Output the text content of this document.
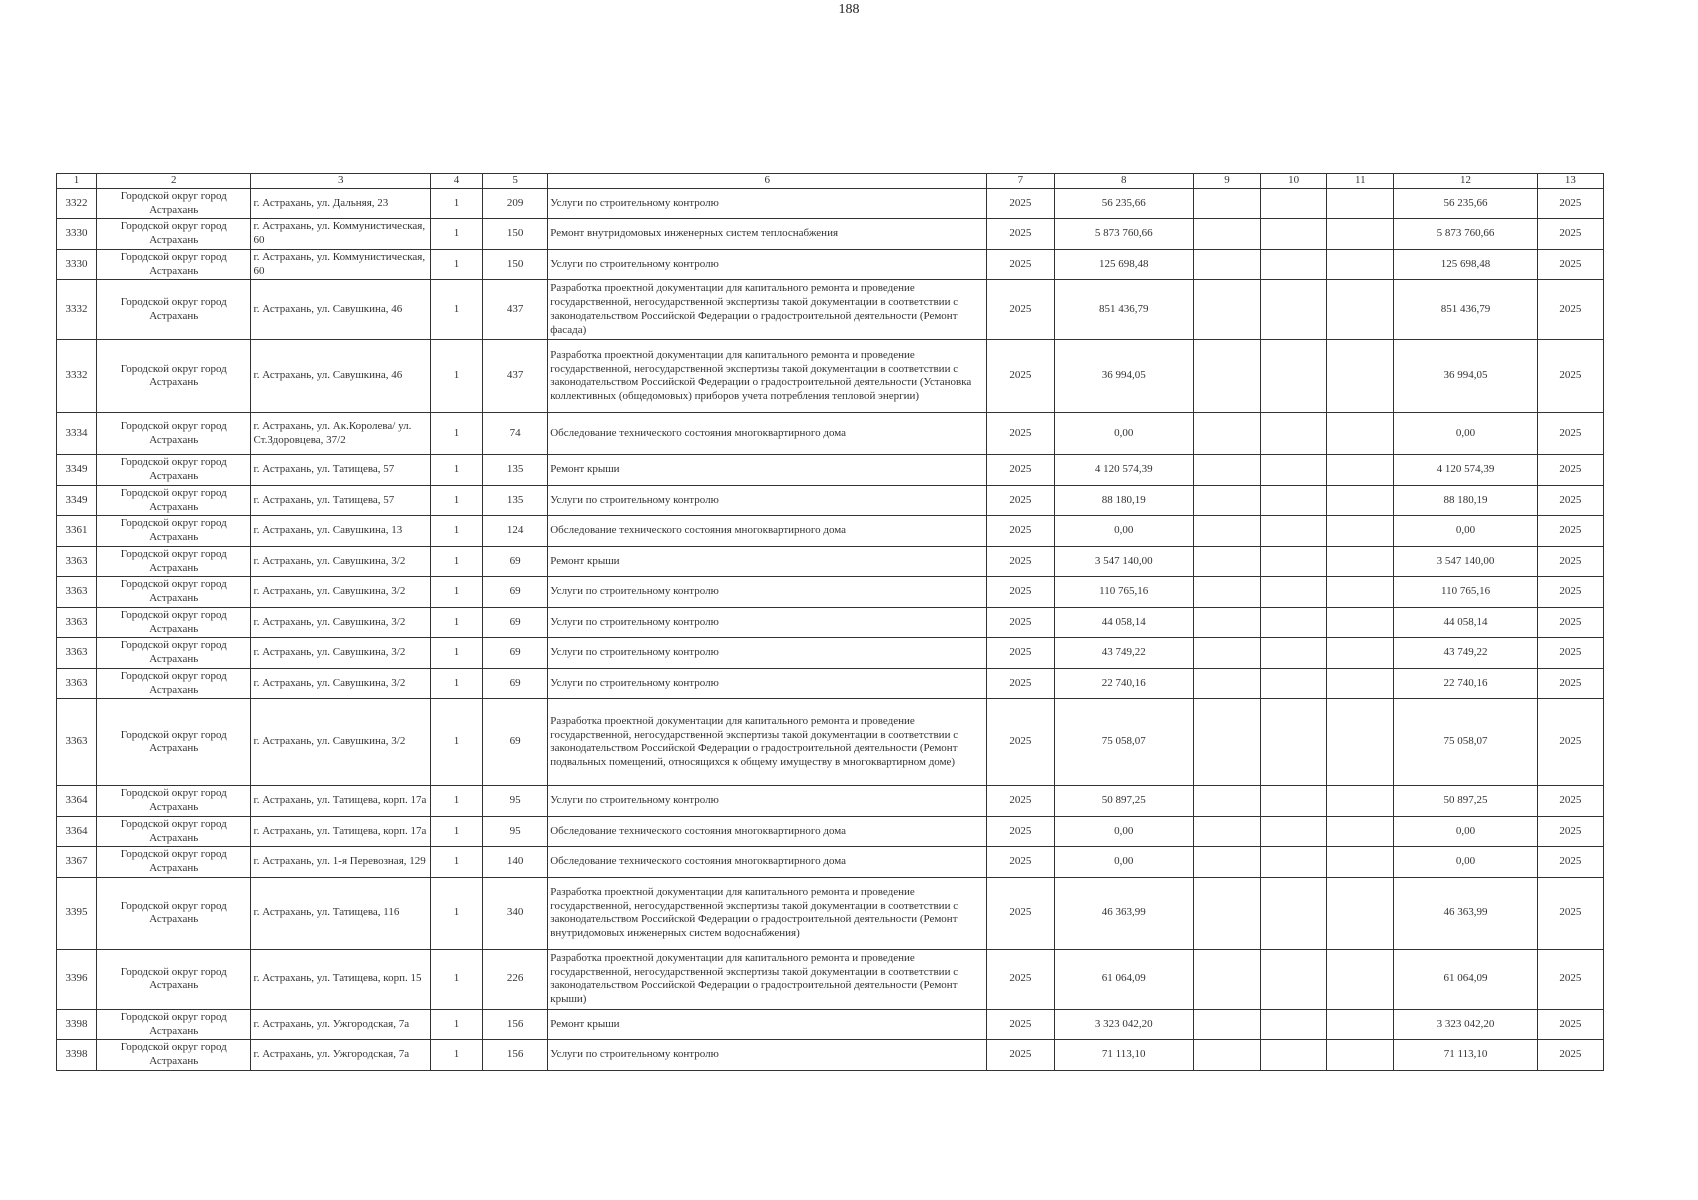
188
1	2	3	4	5	6	7	8	9	10	11	12	13
3322	Городской округ город Астрахань	г. Астрахань, ул. Дальняя, 23	1	209	Услуги по строительному контролю	2025	56 235,66				56 235,66	2025
3330	Городской округ город Астрахань	г. Астрахань, ул. Коммунистическая, 60	1	150	Ремонт внутридомовых инженерных систем теплоснабжения	2025	5 873 760,66				5 873 760,66	2025
3330	Городской округ город Астрахань	г. Астрахань, ул. Коммунистическая, 60	1	150	Услуги по строительному контролю	2025	125 698,48				125 698,48	2025
3332	Городской округ город Астрахань	г. Астрахань, ул. Савушкина, 46	1	437	Разработка проектной документации для капитального ремонта и проведение государственной, негосударственной экспертизы такой документации в соответствии с законодательством Российской Федерации о градостроительной деятельности (Ремонт фасада)	2025	851 436,79				851 436,79	2025
3332	Городской округ город Астрахань	г. Астрахань, ул. Савушкина, 46	1	437	Разработка проектной документации для капитального ремонта и проведение государственной, негосударственной экспертизы такой документации в соответствии с законодательством Российской Федерации о градостроительной деятельности (Установка коллективных (общедомовых) приборов учета потребления тепловой энергии)	2025	36 994,05				36 994,05	2025
3334	Городской округ город Астрахань	г. Астрахань, ул. Ак.Королева/ ул. Ст.Здоровцева, 37/2	1	74	Обследование технического состояния многоквартирного дома	2025	0,00				0,00	2025
3349	Городской округ город Астрахань	г. Астрахань, ул. Татищева, 57	1	135	Ремонт крыши	2025	4 120 574,39				4 120 574,39	2025
3349	Городской округ город Астрахань	г. Астрахань, ул. Татищева, 57	1	135	Услуги по строительному контролю	2025	88 180,19				88 180,19	2025
3361	Городской округ город Астрахань	г. Астрахань, ул. Савушкина, 13	1	124	Обследование технического состояния многоквартирного дома	2025	0,00				0,00	2025
3363	Городской округ город Астрахань	г. Астрахань, ул. Савушкина, 3/2	1	69	Ремонт крыши	2025	3 547 140,00				3 547 140,00	2025
3363	Городской округ город Астрахань	г. Астрахань, ул. Савушкина, 3/2	1	69	Услуги по строительному контролю	2025	110 765,16				110 765,16	2025
3363	Городской округ город Астрахань	г. Астрахань, ул. Савушкина, 3/2	1	69	Услуги по строительному контролю	2025	44 058,14				44 058,14	2025
3363	Городской округ город Астрахань	г. Астрахань, ул. Савушкина, 3/2	1	69	Услуги по строительному контролю	2025	43 749,22				43 749,22	2025
3363	Городской округ город Астрахань	г. Астрахань, ул. Савушкина, 3/2	1	69	Услуги по строительному контролю	2025	22 740,16				22 740,16	2025
3363	Городской округ город Астрахань	г. Астрахань, ул. Савушкина, 3/2	1	69	Разработка проектной документации для капитального ремонта и проведение государственной, негосударственной экспертизы такой документации в соответствии с законодательством Российской Федерации о градостроительной деятельности (Ремонт подвальных помещений, относящихся к общему имуществу в многоквартирном доме)	2025	75 058,07				75 058,07	2025
3364	Городской округ город Астрахань	г. Астрахань, ул. Татищева, корп. 17а	1	95	Услуги по строительному контролю	2025	50 897,25				50 897,25	2025
3364	Городской округ город Астрахань	г. Астрахань, ул. Татищева, корп. 17а	1	95	Обследование технического состояния многоквартирного дома	2025	0,00				0,00	2025
3367	Городской округ город Астрахань	г. Астрахань, ул. 1-я Перевозная, 129	1	140	Обследование технического состояния многоквартирного дома	2025	0,00				0,00	2025
3395	Городской округ город Астрахань	г. Астрахань, ул. Татищева, 116	1	340	Разработка проектной документации для капитального ремонта и проведение государственной, негосударственной экспертизы такой документации в соответствии с законодательством Российской Федерации о градостроительной деятельности (Ремонт внутридомовых инженерных систем водоснабжения)	2025	46 363,99				46 363,99	2025
3396	Городской округ город Астрахань	г. Астрахань, ул. Татищева, корп. 15	1	226	Разработка проектной документации для капитального ремонта и проведение государственной, негосударственной экспертизы такой документации в соответствии с законодательством Российской Федерации о градостроительной деятельности (Ремонт крыши)	2025	61 064,09				61 064,09	2025
3398	Городской округ город Астрахань	г. Астрахань, ул. Ужгородская, 7а	1	156	Ремонт крыши	2025	3 323 042,20				3 323 042,20	2025
3398	Городской округ город Астрахань	г. Астрахань, ул. Ужгородская, 7а	1	156	Услуги по строительному контролю	2025	71 113,10				71 113,10	2025
